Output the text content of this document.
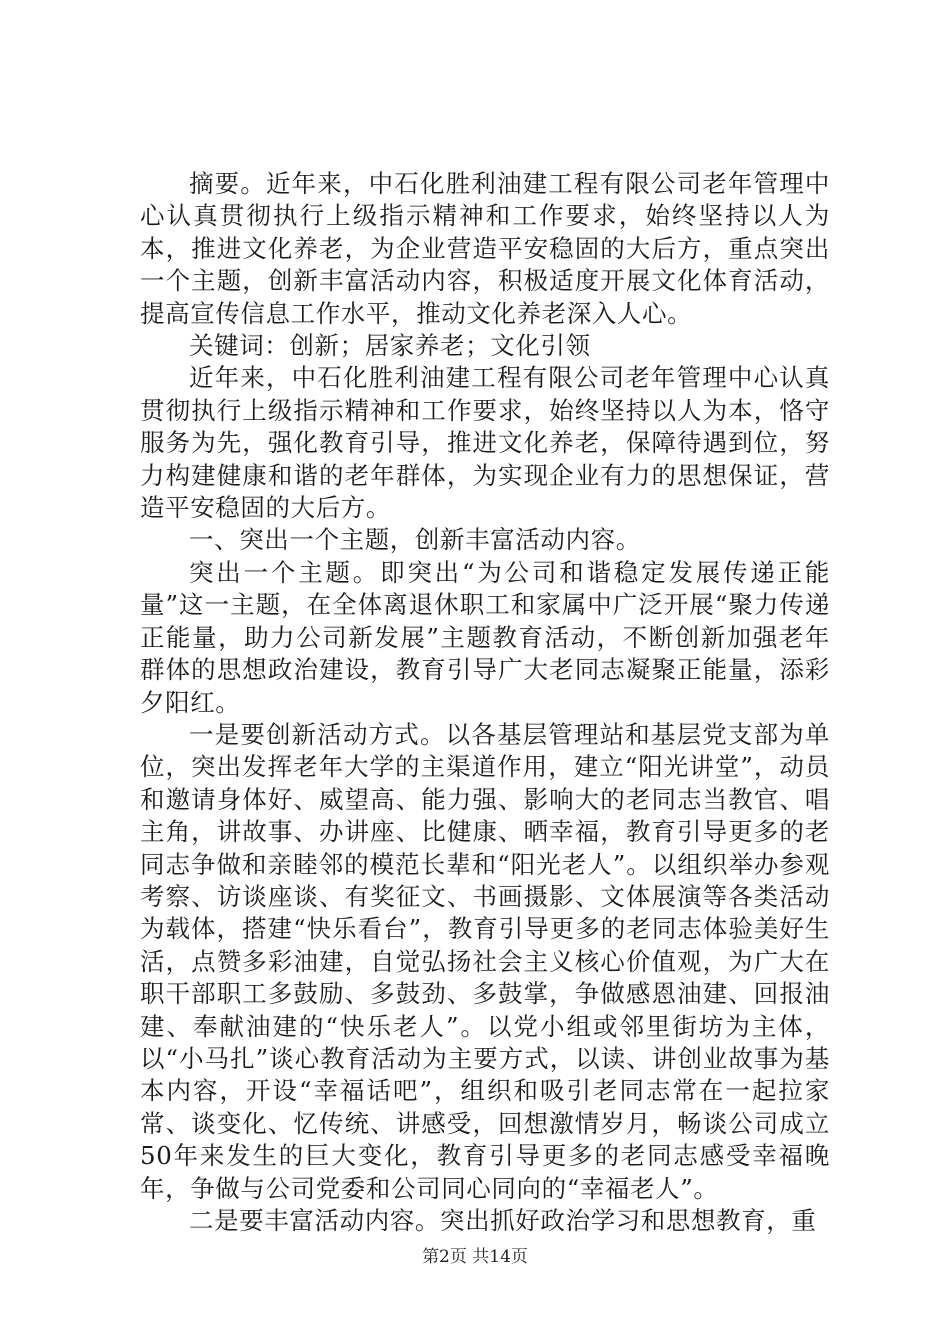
摘要。近年来，中石化胜利油建工程有限公司老年管理中心认真贯彻执行上级指示精神和工作要求，始终坚持以人为本，推进文化养老，为企业营造平安稳固的大后方，重点突出一个主题，创新丰富活动内容，积极适度开展文化体育活动，提高宣传信息工作水平，推动文化养老深入人心。

关键词：创新；居家养老；文化引领

近年来，中石化胜利油建工程有限公司老年管理中心认真贯彻执行上级指示精神和工作要求，始终坚持以人为本，恪守服务为先，强化教育引导，推进文化养老，保障待遇到位，努力构建健康和谐的老年群体，为实现企业有力的思想保证，营造平安稳固的大后方。

一、突出一个主题，创新丰富活动内容。

突出一个主题。即突出“为公司和谐稳定发展传递正能量”这一主题，在全体离退休职工和家属中广泛开展“聚力传递正能量，助力公司新发展”主题教育活动，不断创新加强老年群体的思想政治建设，教育引导广大老同志凝聚正能量，添彩夕阳红。

一是要创新活动方式。以各基层管理站和基层党支部为单位，突出发挥老年大学的主渠道作用，建立“阳光讲堂”，动员和邀请身体好、威望高、能力强、影响大的老同志当教官、唱主角，讲故事、办讲座、比健康、晒幸福，教育引导更多的老同志争做和亲睦邻的模范长辈和“阳光老人”。以组织举办参观考察、访谈座谈、有奖征文、书画摄影、文体展演等各类活动为载体，搭建“快乐看台”，教育引导更多的老同志体验美好生活，点赞多彩油建，自觉弘扬社会主义核心价值观，为广大在职干部职工多鼓励、多鼓劲、多鼓掌，争做感恩油建、回报油建、奉献油建的“快乐老人”。以党小组或邻里街坊为主体，以“小马扎”谈心教育活动为主要方式，以读、讲创业故事为基本内容，开设“幸福话吧”，组织和吸引老同志常在一起拉家常、谈变化、忆传统、讲感受，回想激情岁月，畅谈公司成立50年来发生的巨大变化，教育引导更多的老同志感受幸福晚年，争做与公司党委和公司同心同向的“幸福老人”。

二是要丰富活动内容。突出抓好政治学习和思想教育，重

第2页 共14页
